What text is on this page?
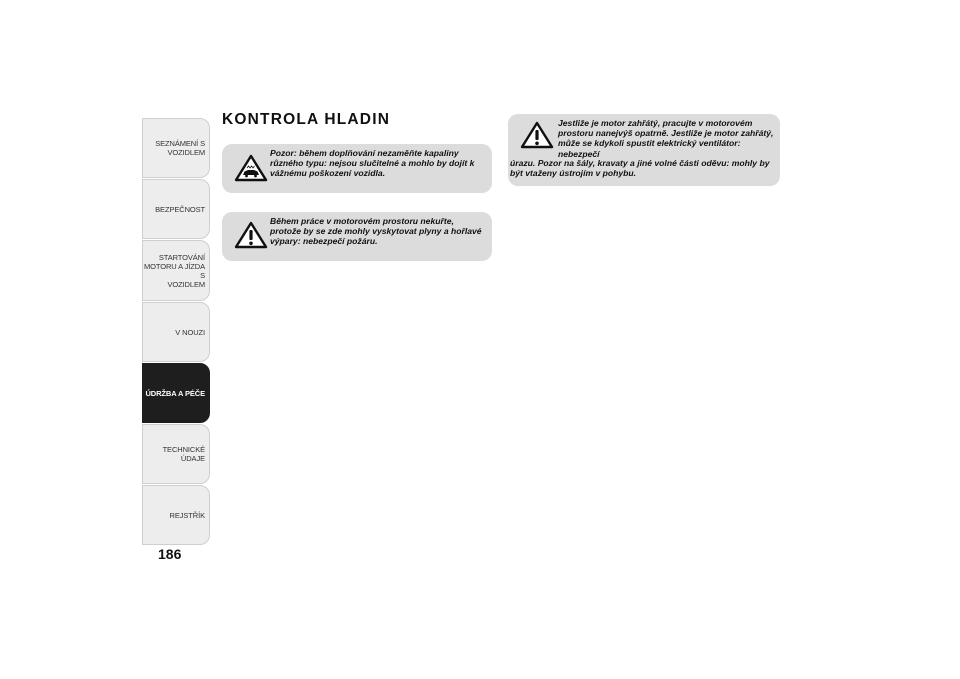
SEZNÁMENÍ S
VOZIDLEM
BEZPEČNOST
STARTOVÁNÍ
MOTORU A JÍZDA S
VOZIDLEM
V NOUZI
ÚDRŽBA A PÉČE
TECHNICKÉ ÚDAJE
REJSTŘÍK
186
KONTROLA HLADIN
Pozor: během doplňování nezaměňte kapaliny různého typu: nejsou slučitelné a mohlo by dojít k vážnému poškození vozidla.
Během práce v motorovém prostoru nekuřte, protože by se zde mohly vyskytovat plyny a hořlavé výpary: nebezpečí požáru.
Jestliže je motor zahřátý, pracujte v motorovém prostoru nanejvýš opatrně. Jestliže je motor zahřátý, může se kdykoli spustit elektrický ventilátor: nebezpečí
úrazu. Pozor na šály, kravaty a jiné volné části oděvu: mohly by být vtaženy ústrojím v pohybu.
